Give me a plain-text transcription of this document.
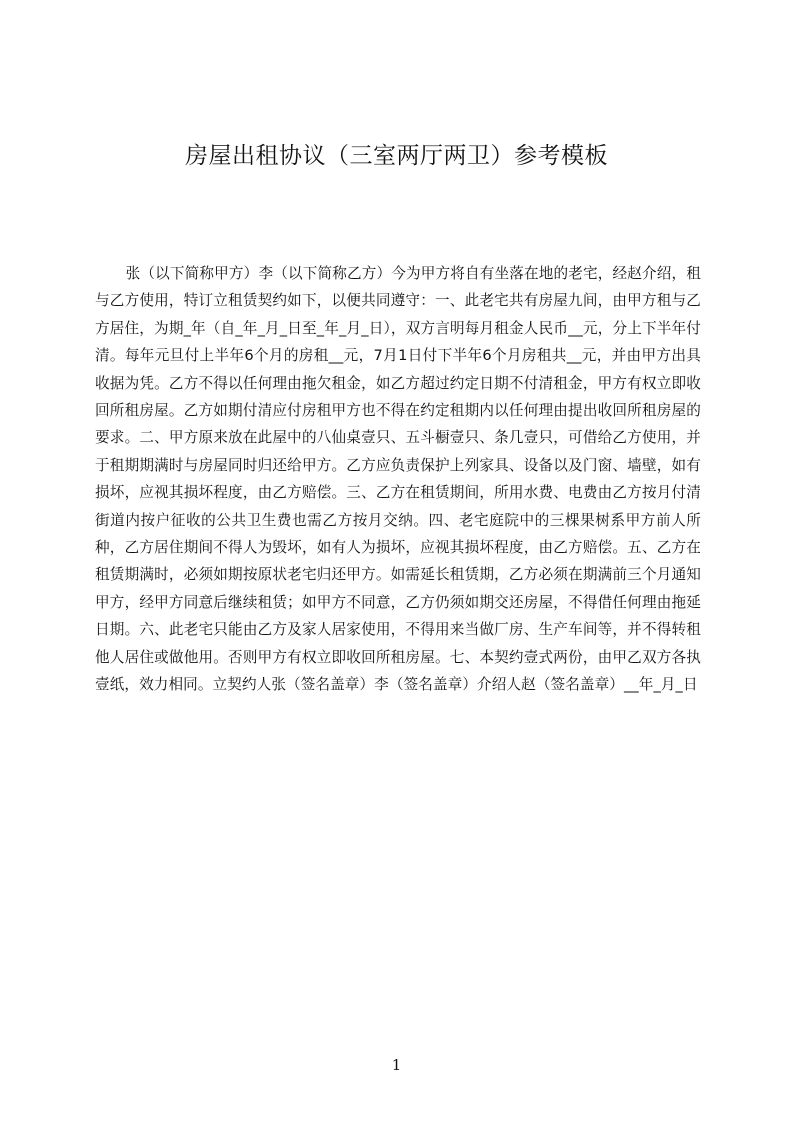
房屋出租协议（三室两厅两卫）参考模板

张（以下简称甲方）李（以下简称乙方）今为甲方将自有坐落在地的老宅，经赵介绍，租与乙方使用，特订立租赁契约如下，以便共同遵守：一、此老宅共有房屋九间，由甲方租与乙方居住，为期_年（自_年_月_日至_年_月_日），双方言明每月租金人民币__元，分上下半年付清。每年元旦付上半年6个月的房租__元，7月1日付下半年6个月房租共__元，并由甲方出具收据为凭。乙方不得以任何理由拖欠租金，如乙方超过约定日期不付清租金，甲方有权立即收回所租房屋。乙方如期付清应付房租甲方也不得在约定租期内以任何理由提出收回所租房屋的要求。二、甲方原来放在此屋中的八仙桌壹只、五斗橱壹只、条几壹只，可借给乙方使用，并于租期期满时与房屋同时归还给甲方。乙方应负责保护上列家具、设备以及门窗、墙壁，如有损坏，应视其损坏程度，由乙方赔偿。三、乙方在租赁期间，所用水费、电费由乙方按月付清街道内按户征收的公共卫生费也需乙方按月交纳。四、老宅庭院中的三棵果树系甲方前人所种，乙方居住期间不得人为毁坏，如有人为损坏，应视其损坏程度，由乙方赔偿。五、乙方在租赁期满时，必须如期按原状老宅归还甲方。如需延长租赁期，乙方必须在期满前三个月通知甲方，经甲方同意后继续租赁；如甲方不同意，乙方仍须如期交还房屋，不得借任何理由拖延日期。六、此老宅只能由乙方及家人居家使用，不得用来当做厂房、生产车间等，并不得转租他人居住或做他用。否则甲方有权立即收回所租房屋。七、本契约壹式两份，由甲乙双方各执壹纸，效力相同。立契约人张（签名盖章）李（签名盖章）介绍人赵（签名盖章）__年_月_日

1
